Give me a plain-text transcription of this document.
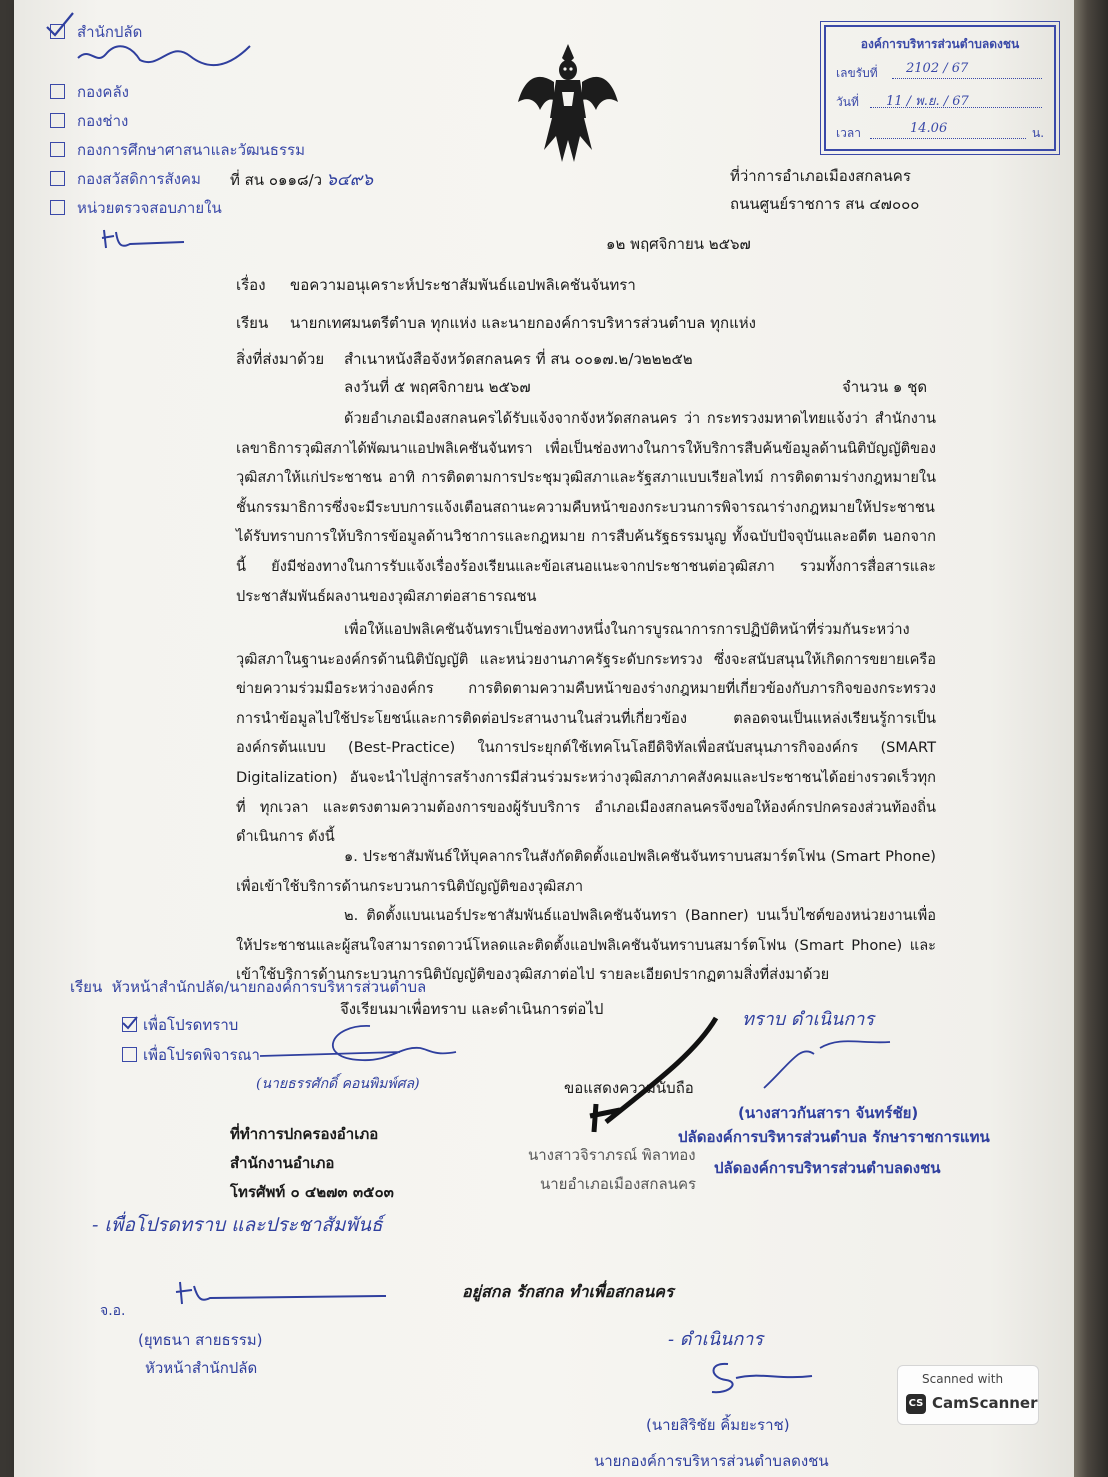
สำนักปลัด
กองคลัง
กองช่าง
กองการศึกษาศาสนาและวัฒนธรรม
กองสวัสดิการสังคม
หน่วยตรวจสอบภายใน
องค์การบริหารส่วนตำบลดงชน
เลขรับที่ 2102 / 67
วันที่ 11 / พ.ย. / 67
เวลา	14.06	น.
ที่ สน ๐๑๑๘/ว ๖๔๙๖	ที่ว่าการอำเภอเมืองสกลนคร
ถนนศูนย์ราชการ สน ๔๗๐๐๐
๑๒ พฤศจิกายน ๒๕๖๗
เรื่อง ขอความอนุเคราะห์ประชาสัมพันธ์แอปพลิเคชันจันทรา
เรียน นายกเทศมนตรีตำบล ทุกแห่ง และนายกองค์การบริหารส่วนตำบล ทุกแห่ง
สิ่งที่ส่งมาด้วย สำเนาหนังสือจังหวัดสกลนคร ที่ สน ๐๐๑๗.๒/ว๒๒๒๕๒
ลงวันที่ ๕ พฤศจิกายน ๒๕๖๗	จำนวน ๑ ชุด

ด้วยอำเภอเมืองสกลนครได้รับแจ้งจากจังหวัดสกลนคร ว่า กระทรวงมหาดไทยแจ้งว่า สำนักงานเลขาธิการวุฒิสภาได้พัฒนาแอปพลิเคชันจันทรา เพื่อเป็นช่องทางในการให้บริการสืบค้นข้อมูลด้านนิติบัญญัติของวุฒิสภาให้แก่ประชาชน อาทิ การติดตามการประชุมวุฒิสภาและรัฐสภาแบบเรียลไทม์ การติดตามร่างกฎหมายในชั้นกรรมาธิการซึ่งจะมีระบบการแจ้งเตือนสถานะความคืบหน้าของกระบวนการพิจารณาร่างกฎหมายให้ประชาชนได้รับทราบการให้บริการข้อมูลด้านวิชาการและกฎหมาย การสืบค้นรัฐธรรมนูญ ทั้งฉบับปัจจุบันและอดีต นอกจากนี้ ยังมีช่องทางในการรับแจ้งเรื่องร้องเรียนและข้อเสนอแนะจากประชาชนต่อวุฒิสภา รวมทั้งการสื่อสารและประชาสัมพันธ์ผลงานของวุฒิสภาต่อสาธารณชน

เพื่อให้แอปพลิเคชันจันทราเป็นช่องทางหนึ่งในการบูรณาการการปฏิบัติหน้าที่ร่วมกันระหว่างวุฒิสภาในฐานะองค์กรด้านนิติบัญญัติ และหน่วยงานภาครัฐระดับกระทรวง ซึ่งจะสนับสนุนให้เกิดการขยายเครือข่ายความร่วมมือระหว่างองค์กร การติดตามความคืบหน้าของร่างกฎหมายที่เกี่ยวข้องกับภารกิจของกระทรวง การนำข้อมูลไปใช้ประโยชน์และการติดต่อประสานงานในส่วนที่เกี่ยวข้อง ตลอดจนเป็นแหล่งเรียนรู้การเป็นองค์กรต้นแบบ (Best-Practice) ในการประยุกต์ใช้เทคโนโลยีดิจิทัลเพื่อสนับสนุนภารกิจองค์กร (SMART Digitalization) อันจะนำไปสู่การสร้างการมีส่วนร่วมระหว่างวุฒิสภาภาคสังคมและประชาชนได้อย่างรวดเร็วทุกที่ ทุกเวลา และตรงตามความต้องการของผู้รับบริการ อำเภอเมืองสกลนครจึงขอให้องค์กรปกครองส่วนท้องถิ่นดำเนินการ ดังนี้

๑. ประชาสัมพันธ์ให้บุคลากรในสังกัดติดตั้งแอปพลิเคชันจันทราบนสมาร์ตโฟน (Smart Phone) เพื่อเข้าใช้บริการด้านกระบวนการนิติบัญญัติของวุฒิสภา

๒. ติดตั้งแบนเนอร์ประชาสัมพันธ์แอปพลิเคชันจันทรา (Banner) บนเว็บไซต์ของหน่วยงานเพื่อให้ประชาชนและผู้สนใจสามารถดาวน์โหลดและติดตั้งแอปพลิเคชันจันทราบนสมาร์ตโฟน (Smart Phone) และเข้าใช้บริการด้านกระบวนการนิติบัญญัติของวุฒิสภาต่อไป รายละเอียดปรากฏตามสิ่งที่ส่งมาด้วย

เรียน หัวหน้าสำนักปลัด/นายกองค์การบริหารส่วนตำบล
จึงเรียนมาเพื่อทราบ และดำเนินการต่อไป
เพื่อโปรดทราบ
เพื่อโปรดพิจารณา
(นายธรรศักดิ์ คอนพิมพ์ศล)	ขอแสดงความนับถือ
นางสาวจิราภรณ์ พิลาทอง
นายอำเภอเมืองสกลนคร
ทราบ ดำเนินการ
(นางสาวกันสารา จันทร์ชัย)
ปลัดองค์การบริหารส่วนตำบล รักษาราชการแทน
ปลัดองค์การบริหารส่วนตำบลดงชน
ที่ทำการปกครองอำเภอ
สำนักงานอำเภอ
โทรศัพท์ ๐ ๔๒๗๓ ๓๕๐๓
- เพื่อโปรดทราบ และประชาสัมพันธ์
อยู่สกล รักสกล ทำเพื่อสกลนคร
จ.อ.
(ยุทธนา สายธรรม)
หัวหน้าสำนักปลัด
- ดำเนินการ
(นายสิริชัย คิ้มยะราช)
นายกองค์การบริหารส่วนตำบลดงชน
Scanned with
CS CamScanner
